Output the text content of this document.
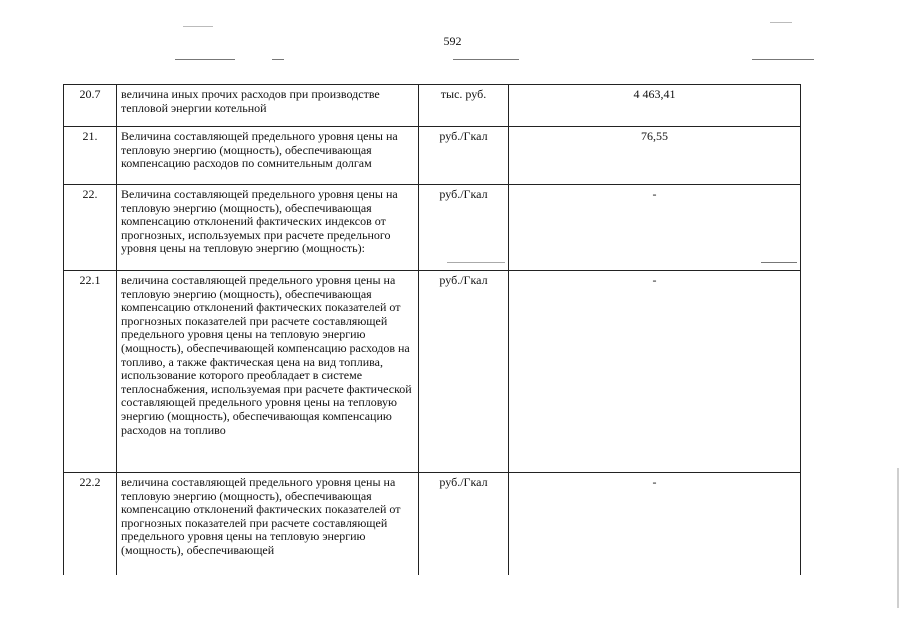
592
20.7	величина иных прочих расходов при производстве тепловой энергии котельной	тыс. руб.	4 463,41
21.	Величина составляющей предельного уровня цены на тепловую энергию (мощность), обеспечивающая компенсацию расходов по сомнительным долгам	руб./Гкал	76,55
22.	Величина составляющей предельного уровня цены на тепловую энергию (мощность), обеспечивающая компенсацию отклонений фактических индексов от прогнозных, используемых при расчете предельного уровня цены на тепловую энергию (мощность):	руб./Гкал	-
22.1	величина составляющей предельного уровня цены на тепловую энергию (мощность), обеспечивающая компенсацию отклонений фактических показателей от прогнозных показателей при расчете составляющей предельного уровня цены на тепловую энергию (мощность), обеспечивающей компенсацию расходов на топливо, а также фактическая цена на вид топлива, использование которого преобладает в системе теплоснабжения, используемая при расчете фактической составляющей предельного уровня цены на тепловую энергию (мощность), обеспечивающая компенсацию расходов на топливо	руб./Гкал	-
22.2	величина составляющей предельного уровня цены на тепловую энергию (мощность), обеспечивающая компенсацию отклонений фактических показателей от прогнозных показателей при расчете составляющей предельного уровня цены на тепловую энергию (мощность), обеспечивающей	руб./Гкал	-
